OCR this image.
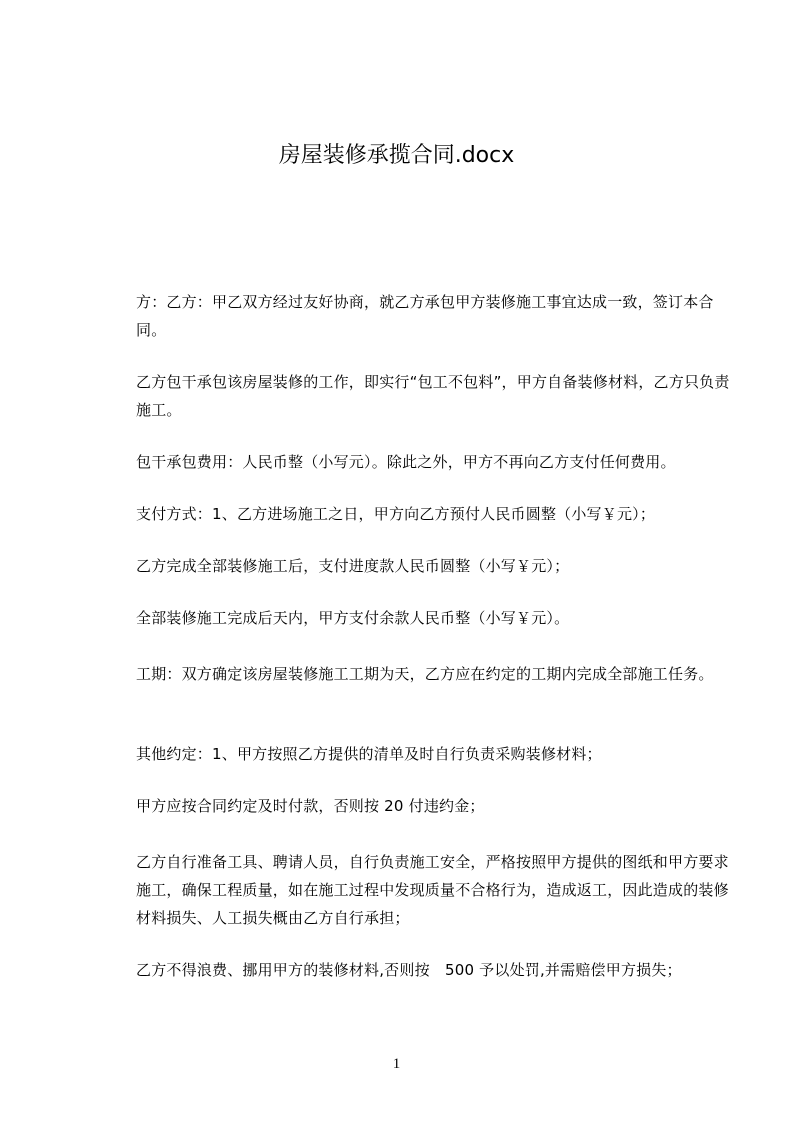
房屋装修承揽合同.docx

方：乙方：甲乙双方经过友好协商，就乙方承包甲方装修施工事宜达成一致，签订本合同。

乙方包干承包该房屋装修的工作，即实行“包工不包料”，甲方自备装修材料，乙方只负责施工。

包干承包费用：人民币整（小写元）。除此之外，甲方不再向乙方支付任何费用。

支付方式：1、乙方进场施工之日，甲方向乙方预付人民币圆整（小写￥元）；

乙方完成全部装修施工后，支付进度款人民币圆整（小写￥元）；

全部装修施工完成后天内，甲方支付余款人民币整（小写￥元）。

工期：双方确定该房屋装修施工工期为天，乙方应在约定的工期内完成全部施工任务。

其他约定：1、甲方按照乙方提供的清单及时自行负责采购装修材料；

甲方应按合同约定及时付款，否则按 20 付违约金；

乙方自行准备工具、聘请人员，自行负责施工安全，严格按照甲方提供的图纸和甲方要求施工，确保工程质量，如在施工过程中发现质量不合格行为，造成返工，因此造成的装修材料损失、人工损失概由乙方自行承担；

乙方不得浪费、挪用甲方的装修材料,否则按　500 予以处罚,并需赔偿甲方损失；

1
